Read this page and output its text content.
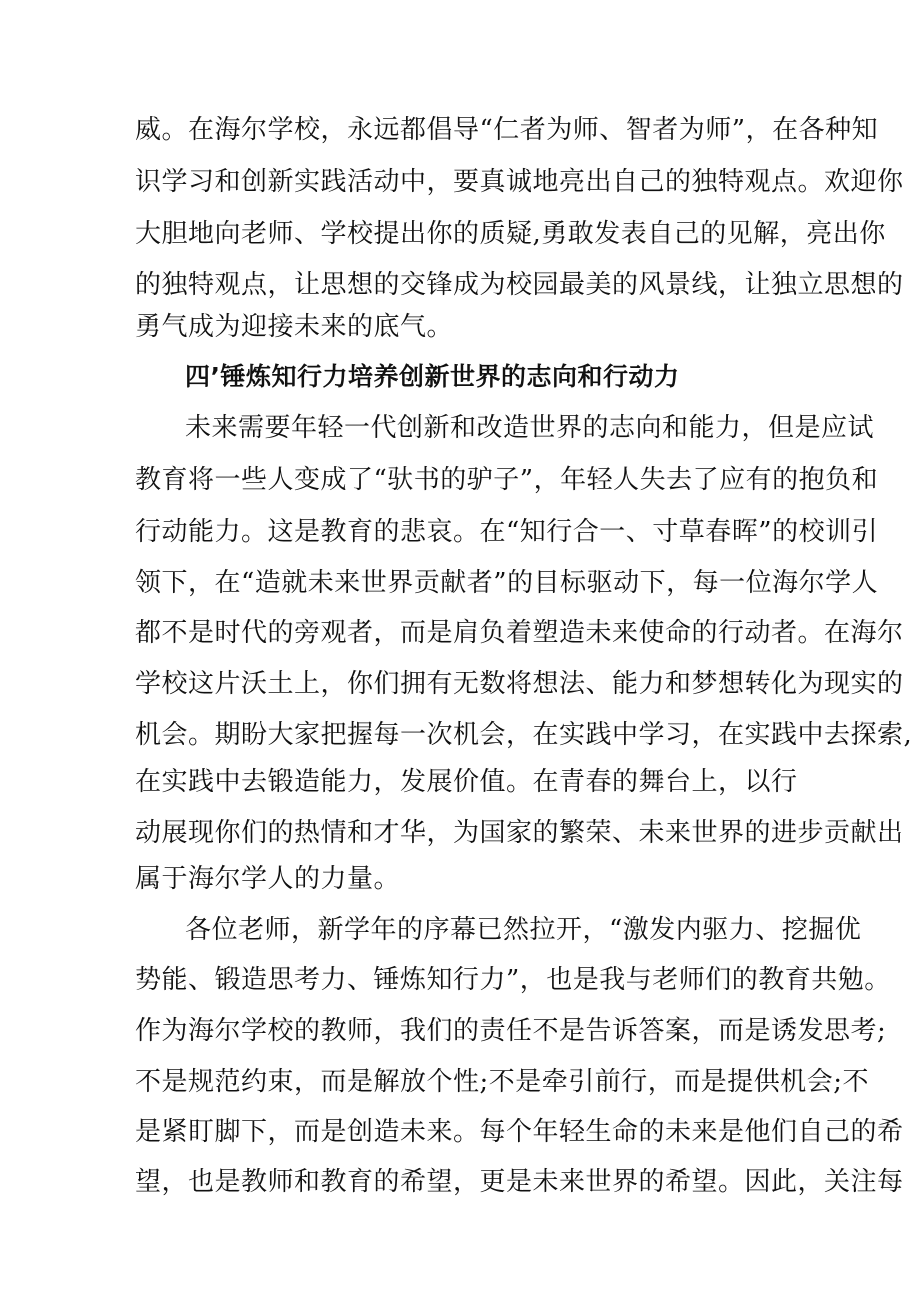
威。在海尔学校，永远都倡导“仁者为师、智者为师”，在各种知
识学习和创新实践活动中，要真诚地亮出自己的独特观点。欢迎你
大胆地向老师、学校提出你的质疑,勇敢发表自己的见解，亮出你
的独特观点，让思想的交锋成为校园最美的风景线，让独立思想的
勇气成为迎接未来的底气。
四’锤炼知行力培养创新世界的志向和行动力
未来需要年轻一代创新和改造世界的志向和能力，但是应试
教育将一些人变成了“驮书的驴子”，年轻人失去了应有的抱负和
行动能力。这是教育的悲哀。在“知行合一、寸草春晖”的校训引
领下，在“造就未来世界贡献者”的目标驱动下，每一位海尔学人
都不是时代的旁观者，而是肩负着塑造未来使命的行动者。在海尔
学校这片沃土上，你们拥有无数将想法、能力和梦想转化为现实的
机会。期盼大家把握每一次机会，在实践中学习，在实践中去探索,
在实践中去锻造能力，发展价值。在青春的舞台上，以行
动展现你们的热情和才华，为国家的繁荣、未来世界的进步贡献出
属于海尔学人的力量。
各位老师，新学年的序幕已然拉开，“激发内驱力、挖掘优
势能、锻造思考力、锤炼知行力”，也是我与老师们的教育共勉。
作为海尔学校的教师，我们的责任不是告诉答案，而是诱发思考;
不是规范约束，而是解放个性;不是牵引前行，而是提供机会;不
是紧盯脚下，而是创造未来。每个年轻生命的未来是他们自己的希
望，也是教师和教育的希望，更是未来世界的希望。因此，关注每
